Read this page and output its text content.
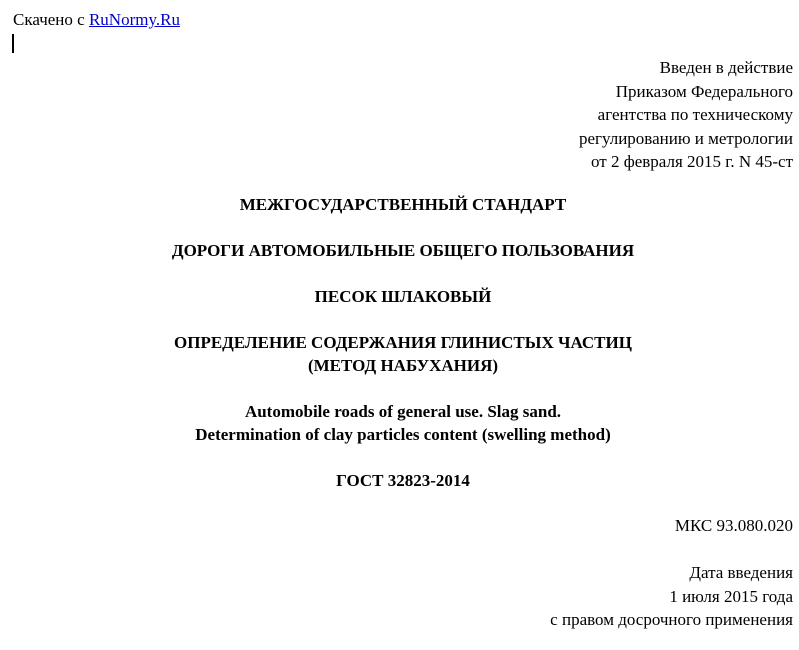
Скачено с RuNormy.Ru
Введен в действие
Приказом Федерального
агентства по техническому
регулированию и метрологии
от 2 февраля 2015 г. N 45-ст
МЕЖГОСУДАРСТВЕННЫЙ СТАНДАРТ
ДОРОГИ АВТОМОБИЛЬНЫЕ ОБЩЕГО ПОЛЬЗОВАНИЯ
ПЕСОК ШЛАКОВЫЙ
ОПРЕДЕЛЕНИЕ СОДЕРЖАНИЯ ГЛИНИСТЫХ ЧАСТИЦ
(МЕТОД НАБУХАНИЯ)
Automobile roads of general use. Slag sand.
Determination of clay particles content (swelling method)
ГОСТ 32823-2014
МКС 93.080.020
Дата введения
1 июля 2015 года
с правом досрочного применения
